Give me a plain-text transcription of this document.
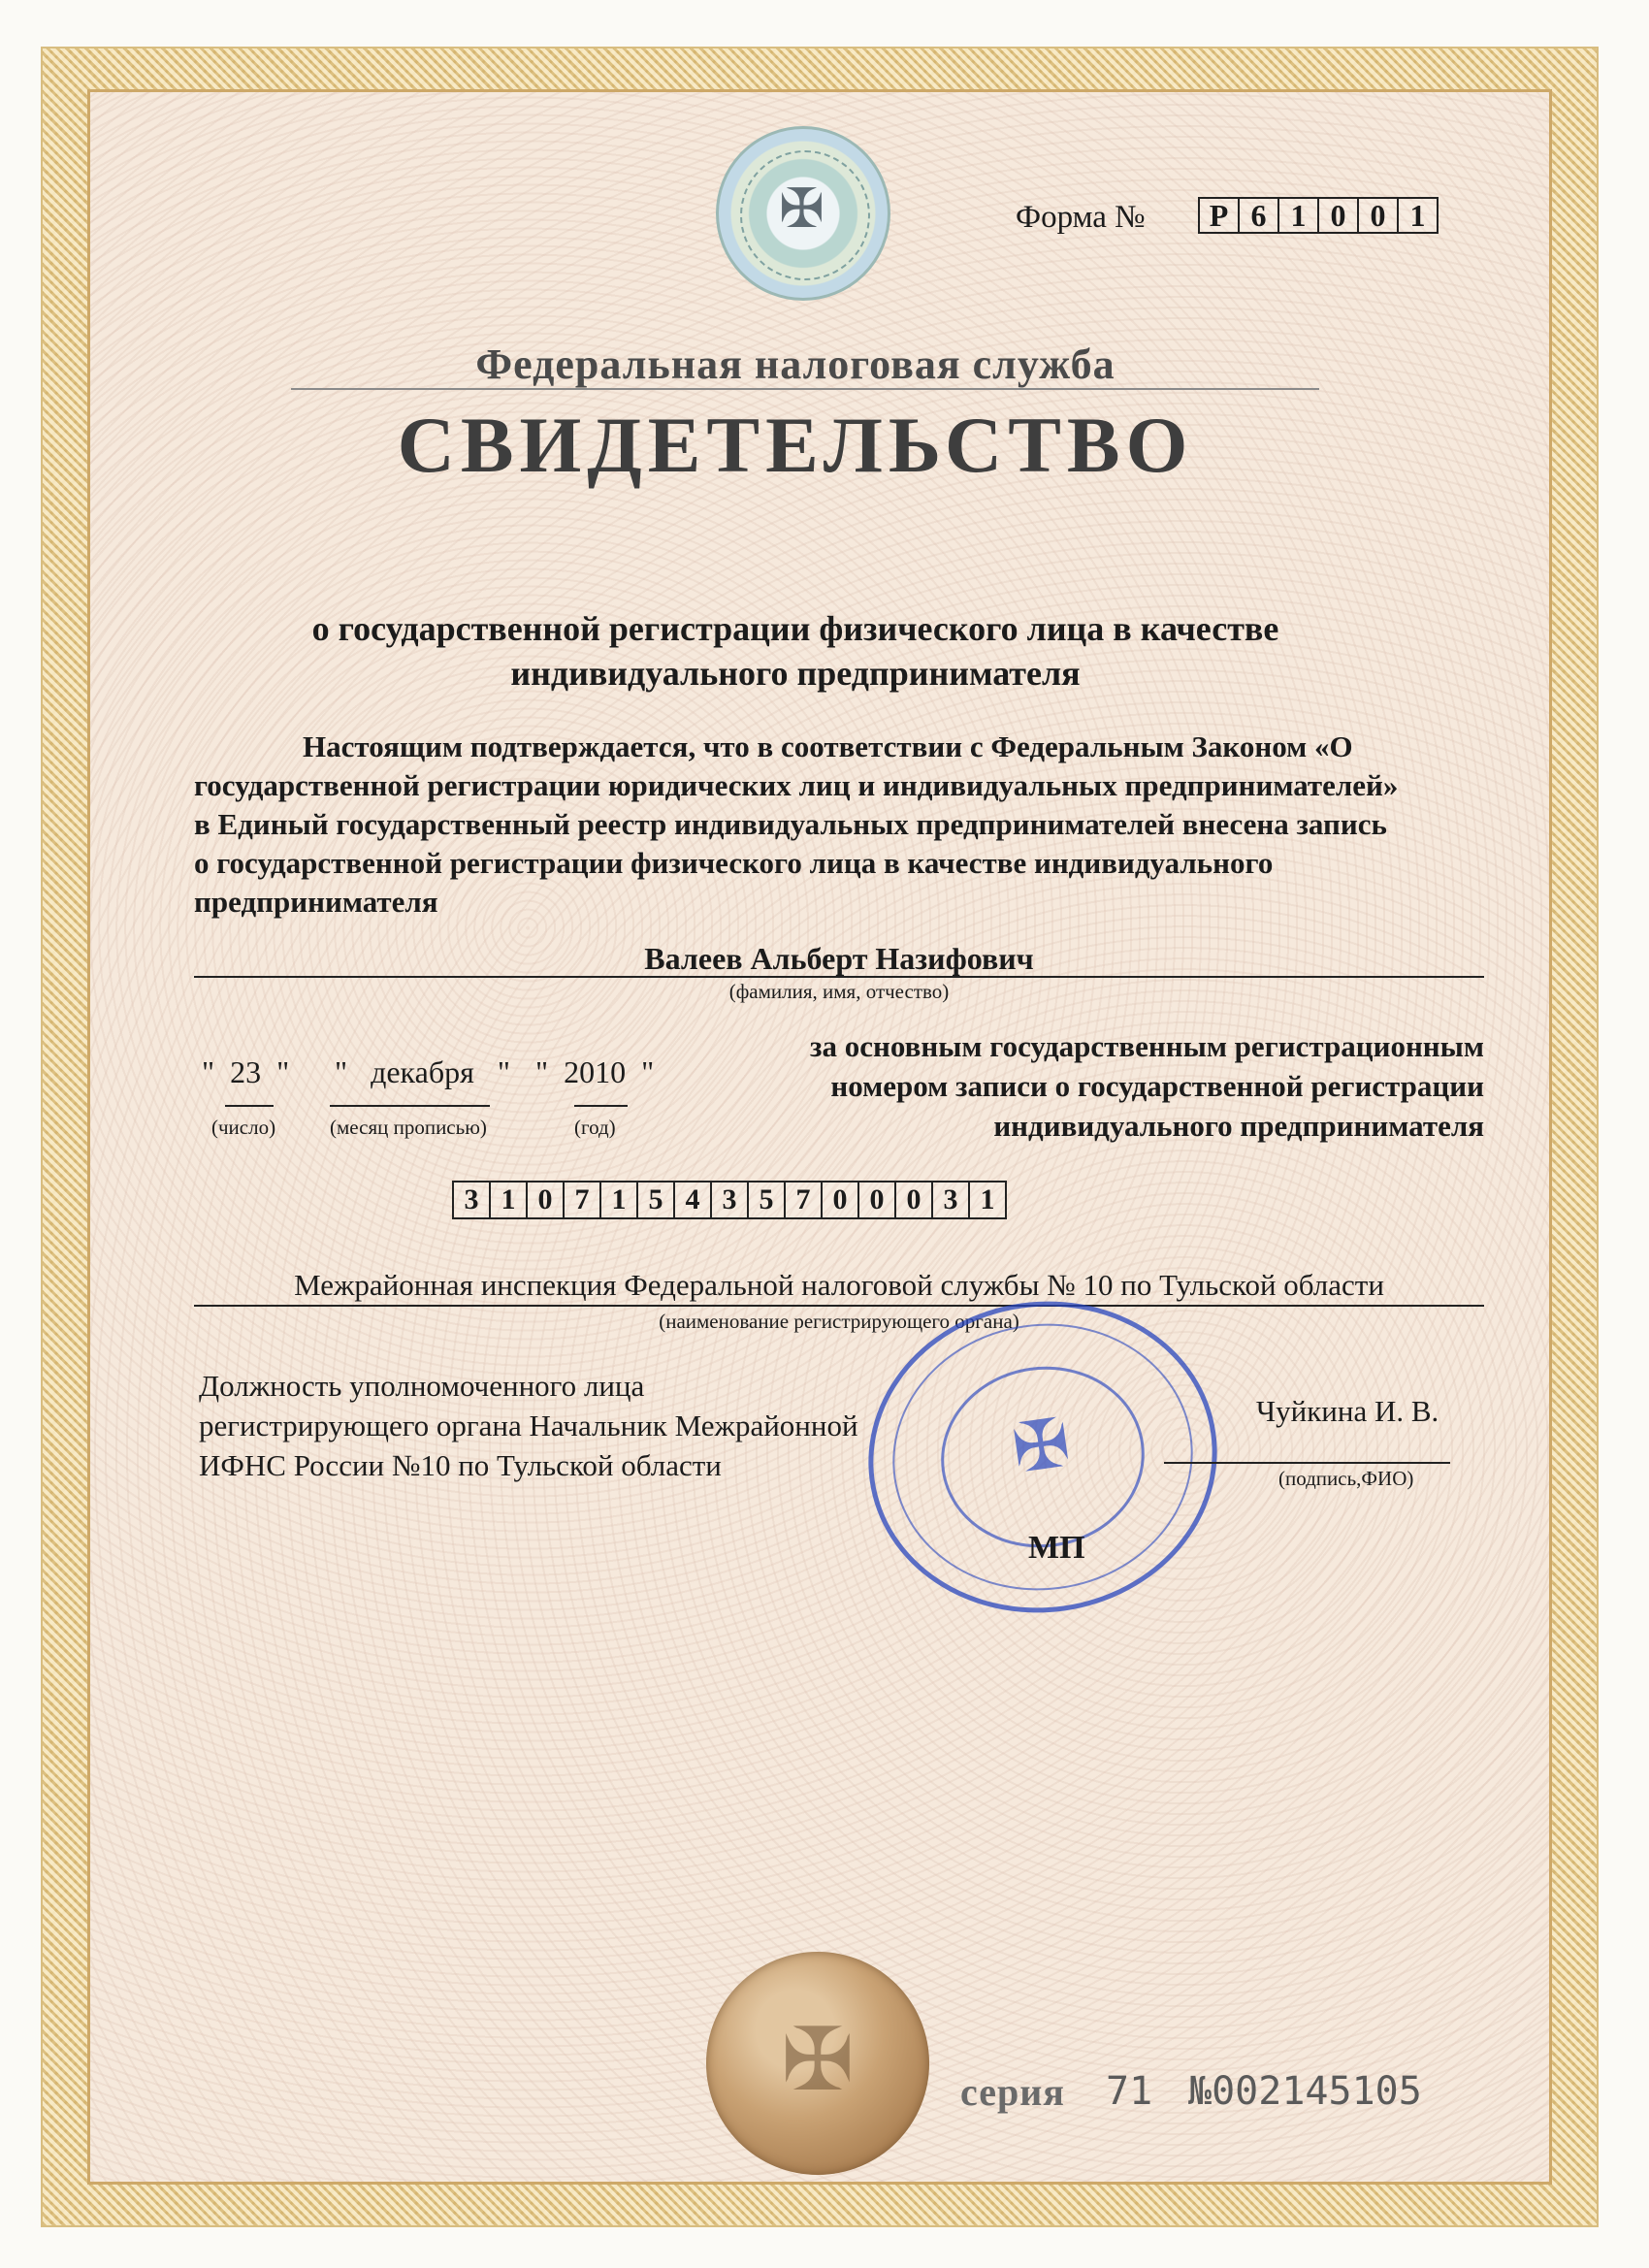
✠	Форма №	Р 6 1 0 0 1
Федеральная налоговая служба
СВИДЕТЕЛЬСТВО
о государственной регистрации физического лица в качестве
индивидуального предпринимателя
Настоящим подтверждается, что в соответствии с Федеральным Законом «О
государственной регистрации юридических лиц и индивидуальных предпринимателей»
в Единый государственный реестр индивидуальных предпринимателей внесена запись
о государственной регистрации физического лица в качестве индивидуального
предпринимателя
Валеев Альберт Назифович
(фамилия, имя, отчество)
"  23  " "   декабря   " "  2010  "
(число)	(месяц прописью)	(год)
за основным государственным регистрационным
номером записи о государственной регистрации
индивидуального предпринимателя
3 1 0 7 1 5 4 3 5 7 0 0 0 3 1
Межрайонная инспекция Федеральной налоговой службы № 10 по Тульской области
(наименование регистрирующего органа)
✠
Должность уполномоченного лица
регистрирующего органа Начальник Межрайонной
ИФНС России №10 по Тульской области
Чуйкина И. В.
(подпись,ФИО)
МП
✠	серия 71 №002145105
